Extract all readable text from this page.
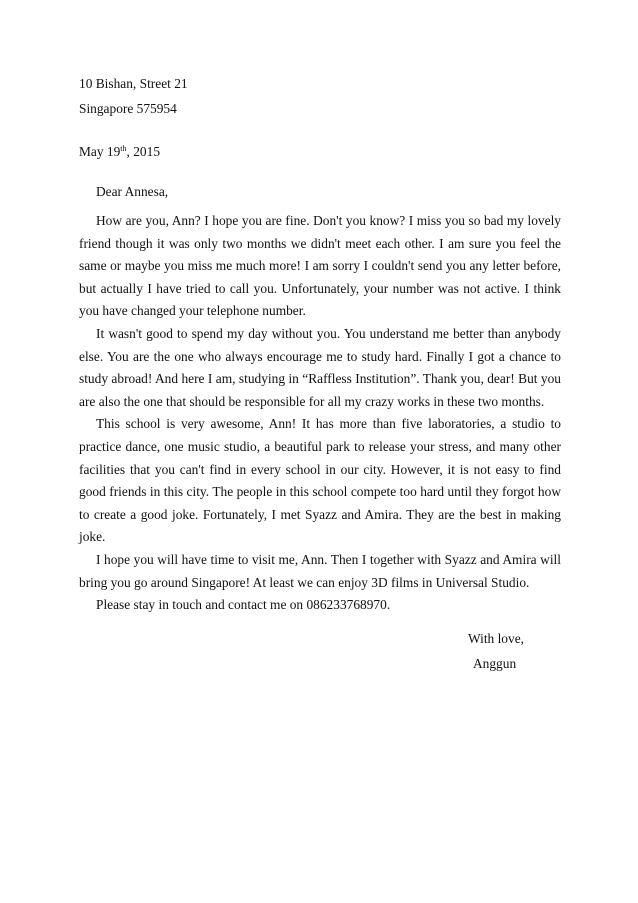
10 Bishan, Street 21
Singapore 575954
May 19th, 2015
Dear Annesa,

How are you, Ann? I hope you are fine. Don't you know? I miss you so bad my lovely friend though it was only two months we didn't meet each other. I am sure you feel the same or maybe you miss me much more! I am sorry I couldn't send you any letter before, but actually I have tried to call you. Unfortunately, your number was not active. I think you have changed your telephone number.

It wasn't good to spend my day without you. You understand me better than anybody else. You are the one who always encourage me to study hard. Finally I got a chance to study abroad! And here I am, studying in “Raffless Institution”. Thank you, dear! But you are also the one that should be responsible for all my crazy works in these two months.

This school is very awesome, Ann! It has more than five laboratories, a studio to practice dance, one music studio, a beautiful park to release your stress, and many other facilities that you can't find in every school in our city. However, it is not easy to find good friends in this city. The people in this school compete too hard until they forgot how to create a good joke. Fortunately, I met Syazz and Amira. They are the best in making joke.

I hope you will have time to visit me, Ann. Then I together with Syazz and Amira will bring you go around Singapore! At least we can enjoy 3D films in Universal Studio.

Please stay in touch and contact me on 086233768970.

With love,
Anggun
